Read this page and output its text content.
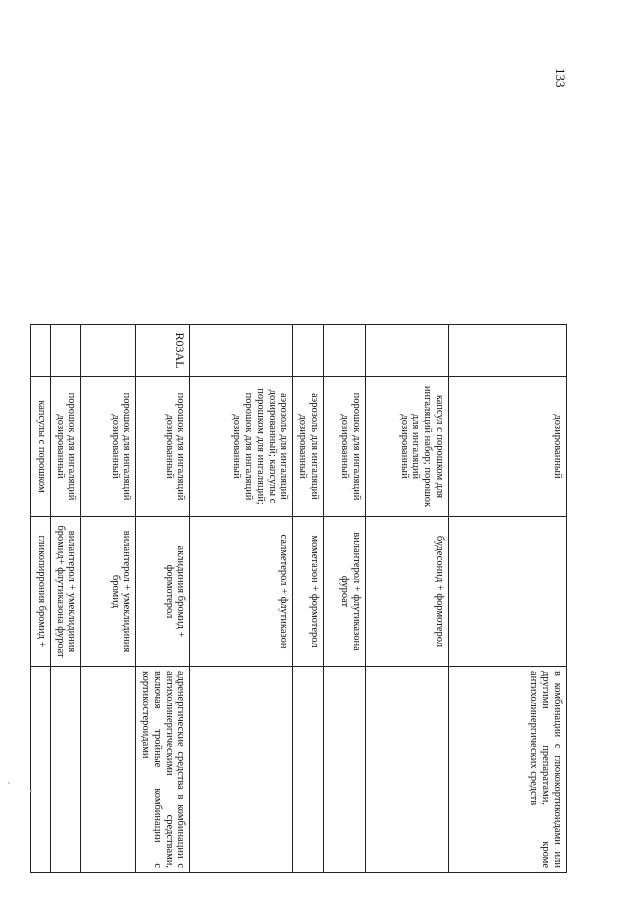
133
	дозированный		в комбинации с глюкокортикоидами или другими препаратами, кроме антихолинергических средств
	капсул с порошком для ингаляций набор; порошок для ингаляций дозированный	будесонид + формотерол	
	порошок для ингаляций дозированный	вилантерол + флутиказона фуроат	
	аэрозоль для ингаляций дозированный	мометазон + формотерол	
	аэрозоль для ингаляций дозированный; капсулы с порошком для ингаляций; порошок для ингаляций дозированный	салметерол + флутиказон	
R03AL	порошок для ингаляций дозированный	аклидиния бромид + формотерол	адренергические средства в комбинации с антихолинергическими средствами, включая тройные комбинации с кортикостероидами
	порошок для ингаляций дозированный	вилантерол + умеклидиния бромид	
	порошок для ингаляций дозированный	вилантерол + умеклидиния бромид+ флутиказона фуроат	
	капсулы с порошком	гликопиррония бромид +	
